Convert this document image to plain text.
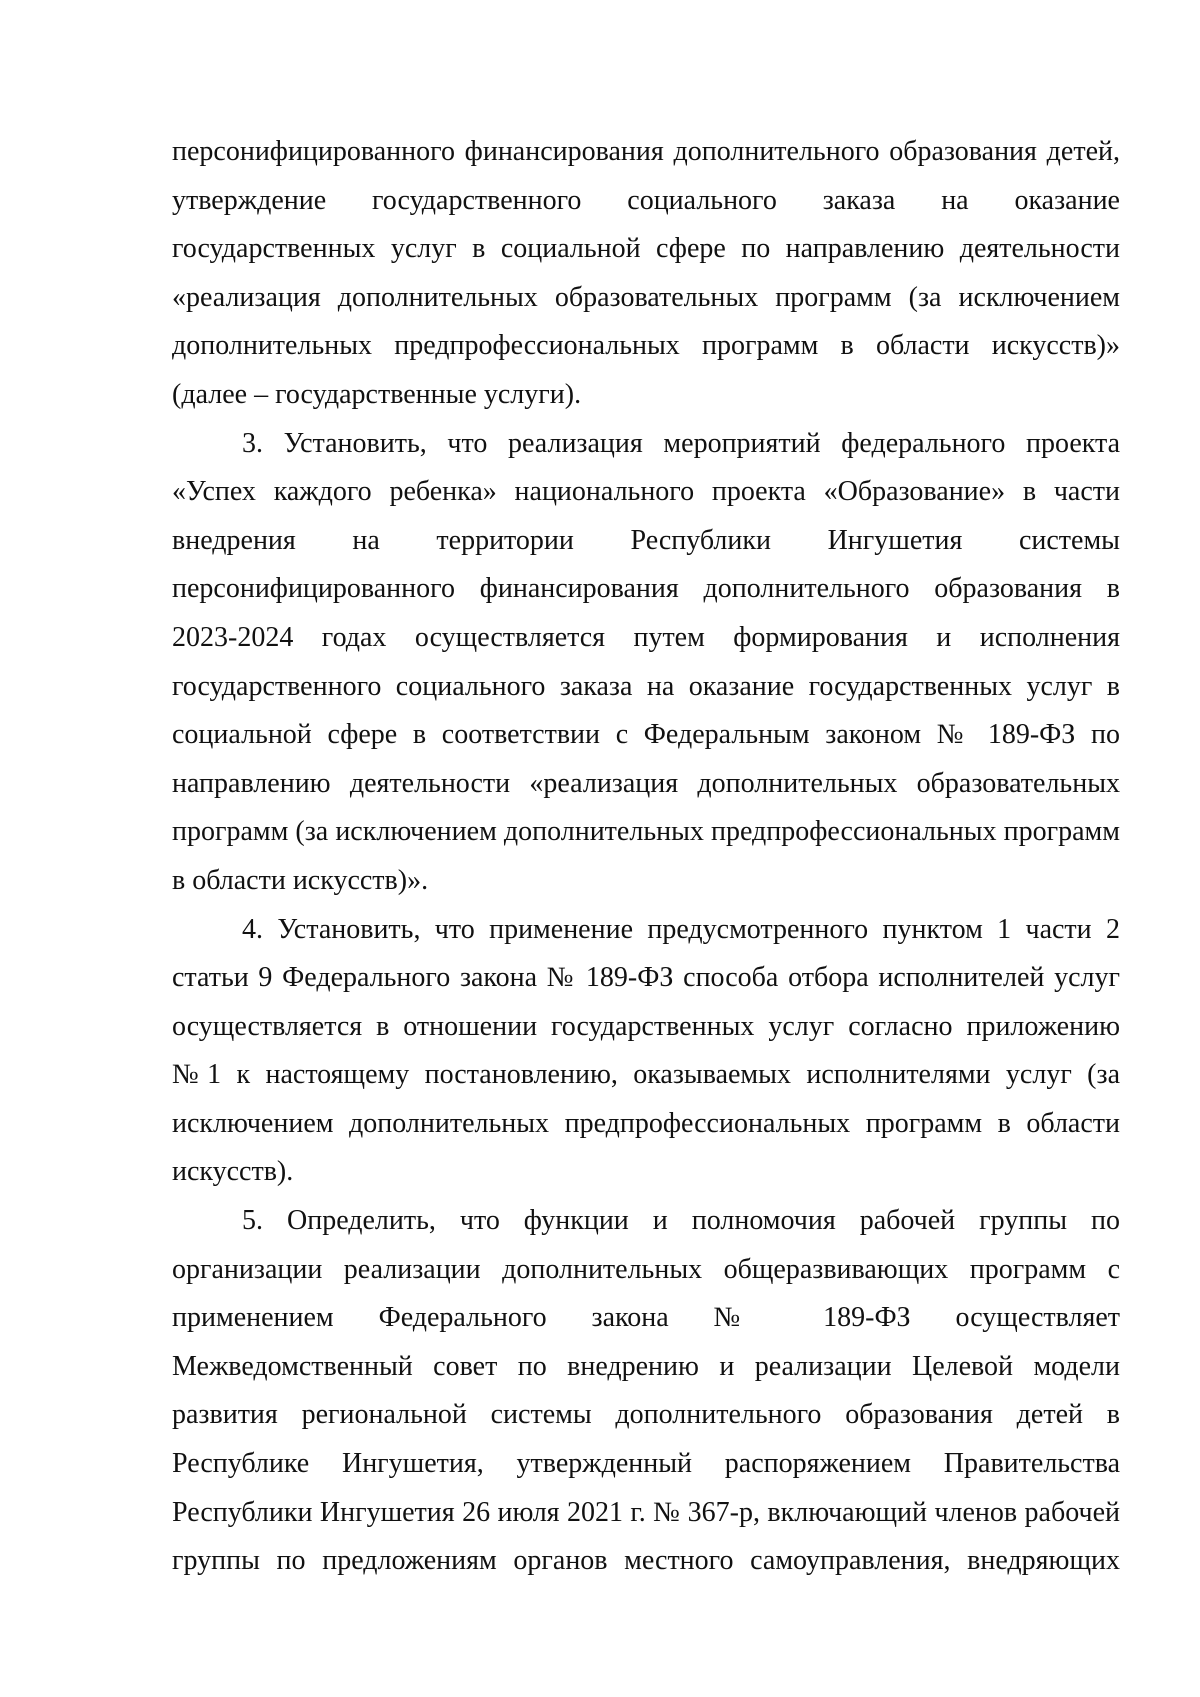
персонифицированного финансирования дополнительного образования детей, утверждение государственного социального заказа на оказание государственных услуг в социальной сфере по направлению деятельности «реализация дополнительных образовательных программ (за исключением дополнительных предпрофессиональных программ в области искусств)» (далее – государственные услуги).

3. Установить, что реализация мероприятий федерального проекта «Успех каждого ребенка» национального проекта «Образование» в части внедрения на территории Республики Ингушетия системы персонифицированного финансирования дополнительного образования в 2023-2024 годах осуществляется путем формирования и исполнения государственного социального заказа на оказание государственных услуг в социальной сфере в соответствии с Федеральным законом № 189-ФЗ по направлению деятельности «реализация дополнительных образовательных программ (за исключением дополнительных предпрофессиональных программ в области искусств)».

4. Установить, что применение предусмотренного пунктом 1 части 2 статьи 9 Федерального закона № 189-ФЗ способа отбора исполнителей услуг осуществляется в отношении государственных услуг согласно приложению №1 к настоящему постановлению, оказываемых исполнителями услуг (за исключением дополнительных предпрофессиональных программ в области искусств).

5. Определить, что функции и полномочия рабочей группы по организации реализации дополнительных общеразвивающих программ с применением Федерального закона № 189-ФЗ осуществляет Межведомственный совет по внедрению и реализации Целевой модели развития региональной системы дополнительного образования детей в Республике Ингушетия, утвержденный распоряжением Правительства Республики Ингушетия 26 июля 2021 г. № 367-р, включающий членов рабочей группы по предложениям органов местного самоуправления, внедряющих
